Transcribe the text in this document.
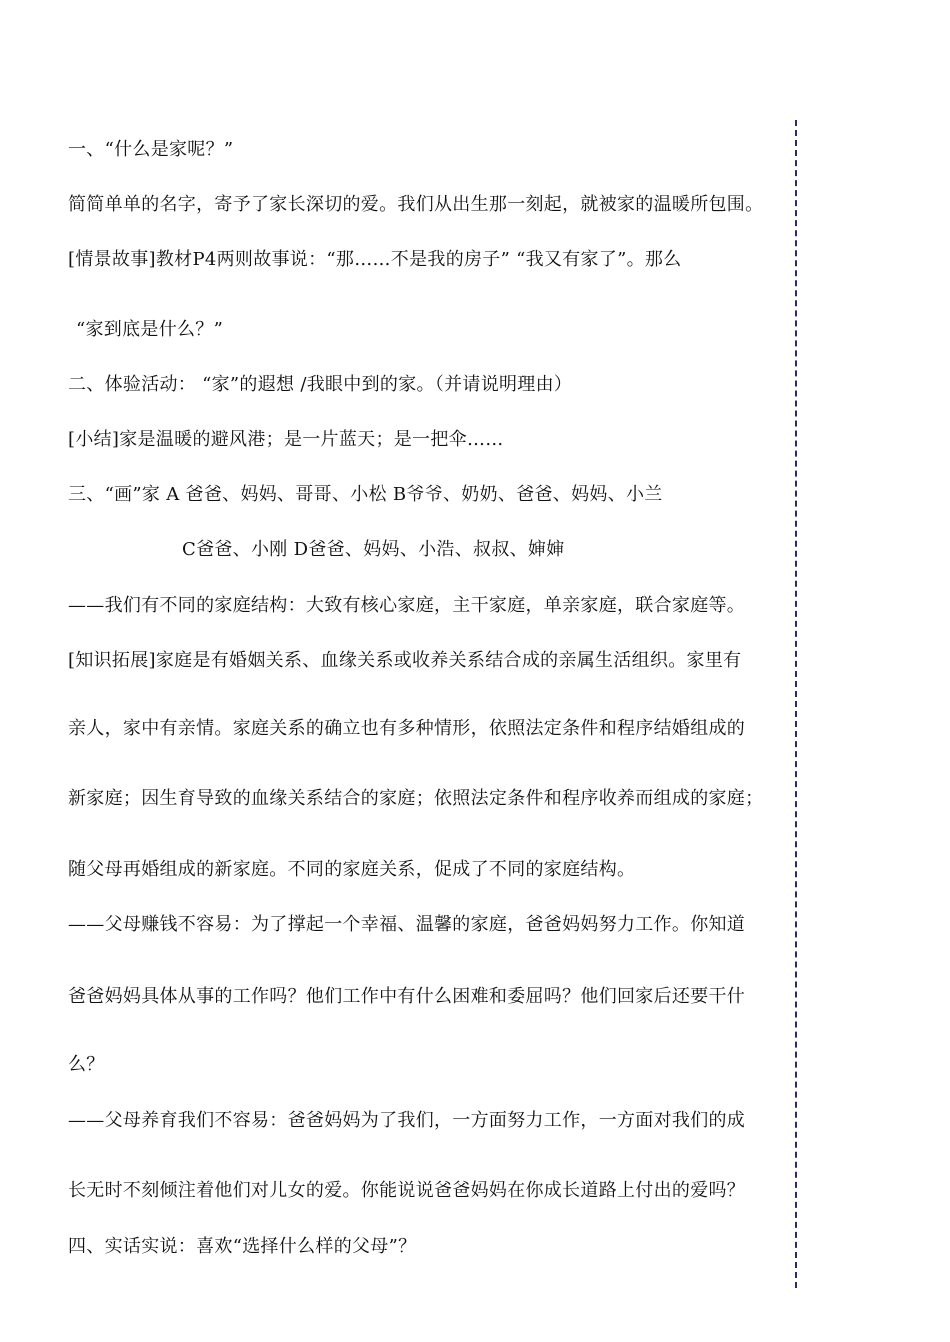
一、“什么是家呢？”
简简单单的名字，寄予了家长深切的爱。我们从出生那一刻起，就被家的温暖所包围。
[情景故事]教材P4两则故事说：“那……不是我的房子” “我又有家了”。那么
“家到底是什么？”
二、体验活动： “家”的遐想 /我眼中到的家。（并请说明理由）
[小结]家是温暖的避风港；是一片蓝天；是一把伞……
三、“画”家 A 爸爸、妈妈、哥哥、小松 B爷爷、奶奶、爸爸、妈妈、小兰
C爸爸、小刚 D爸爸、妈妈、小浩、叔叔、婶婶
——我们有不同的家庭结构：大致有核心家庭，主干家庭，单亲家庭，联合家庭等。
[知识拓展]家庭是有婚姻关系、血缘关系或收养关系结合成的亲属生活组织。家里有
亲人，家中有亲情。家庭关系的确立也有多种情形，依照法定条件和程序结婚组成的
新家庭；因生育导致的血缘关系结合的家庭；依照法定条件和程序收养而组成的家庭；
随父母再婚组成的新家庭。不同的家庭关系，促成了不同的家庭结构。
——父母赚钱不容易：为了撑起一个幸福、温馨的家庭，爸爸妈妈努力工作。你知道
爸爸妈妈具体从事的工作吗？他们工作中有什么困难和委屈吗？他们回家后还要干什
么？
——父母养育我们不容易：爸爸妈妈为了我们，一方面努力工作，一方面对我们的成
长无时不刻倾注着他们对儿女的爱。你能说说爸爸妈妈在你成长道路上付出的爱吗？
四、实话实说：喜欢“选择什么样的父母”？
